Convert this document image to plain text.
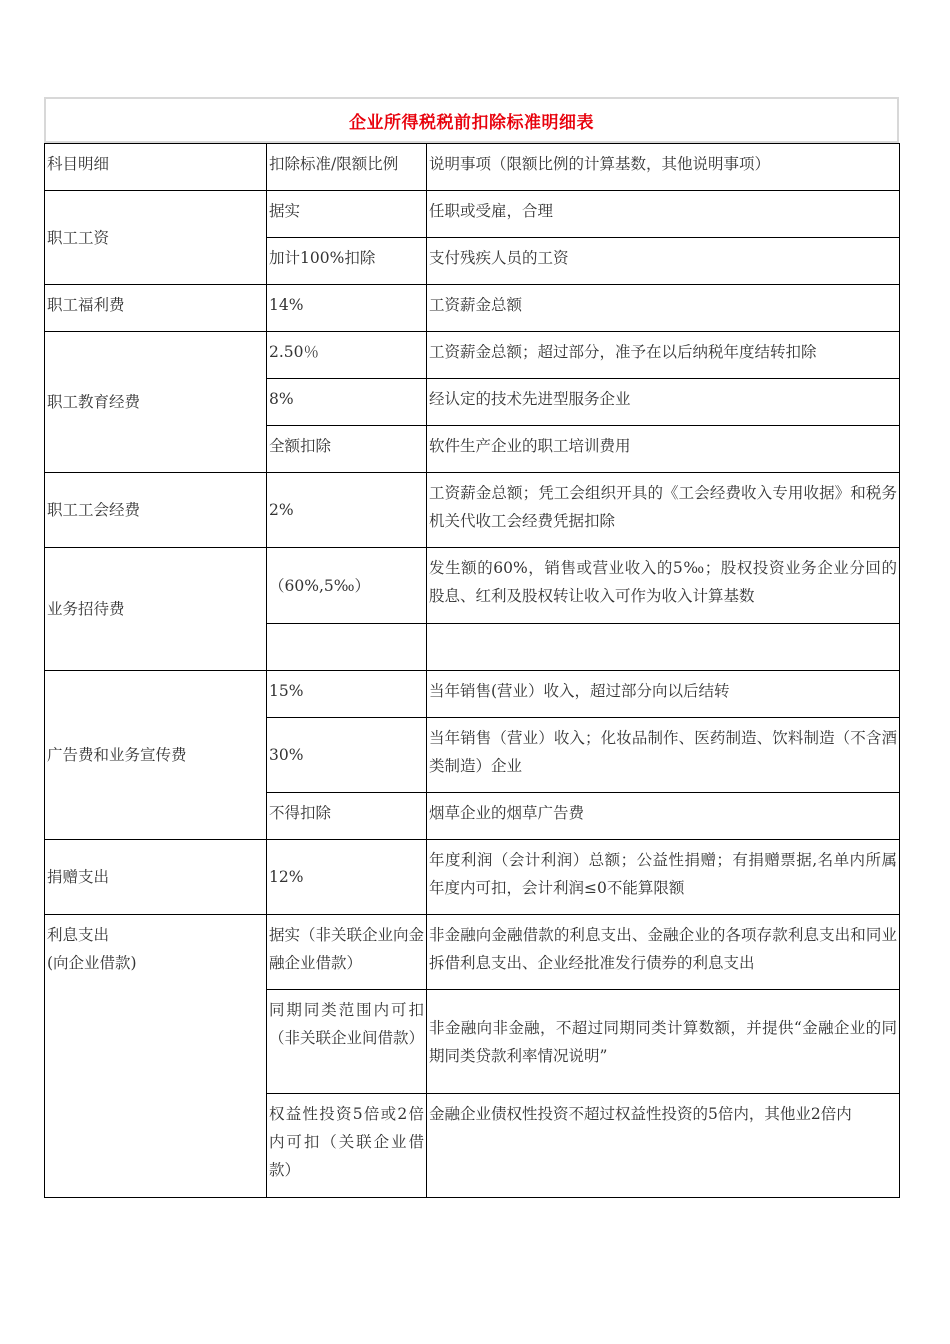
企业所得税税前扣除标准明细表
科目明细	扣除标准/限额比例	说明事项（限额比例的计算基数，其他说明事项）
职工工资	据实	任职或受雇，合理
	加计100%扣除	支付残疾人员的工资
职工福利费	14%	工资薪金总额
职工教育经费	2.50％	工资薪金总额；超过部分，准予在以后纳税年度结转扣除
	8%	经认定的技术先进型服务企业
	全额扣除	软件生产企业的职工培训费用
职工工会经费	2%	工资薪金总额；凭工会组织开具的《工会经费收入专用收据》和税务机关代收工会经费凭据扣除
业务招待费	（60%,5‰）	发生额的60%，销售或营业收入的5‰；股权投资业务企业分回的股息、红利及股权转让收入可作为收入计算基数

广告费和业务宣传费	15%	当年销售(营业）收入，超过部分向以后结转
	30%	当年销售（营业）收入；化妆品制作、医药制造、饮料制造（不含酒类制造）企业
	不得扣除	烟草企业的烟草广告费
捐赠支出	12%	年度利润（会计利润）总额；公益性捐赠；有捐赠票据,名单内所属年度内可扣，会计利润≤0不能算限额

利息支出
(向企业借款)	据实（非关联企业向金融企业借款）	非金融向金融借款的利息支出、金融企业的各项存款利息支出和同业拆借利息支出、企业经批准发行债券的利息支出
	同期同类范围内可扣（非关联企业间借款）	非金融向非金融，不超过同期同类计算数额，并提供“金融企业的同期同类贷款利率情况说明”
	权益性投资5倍或2倍内可扣（关联企业借款）	金融企业债权性投资不超过权益性投资的5倍内，其他业2倍内
